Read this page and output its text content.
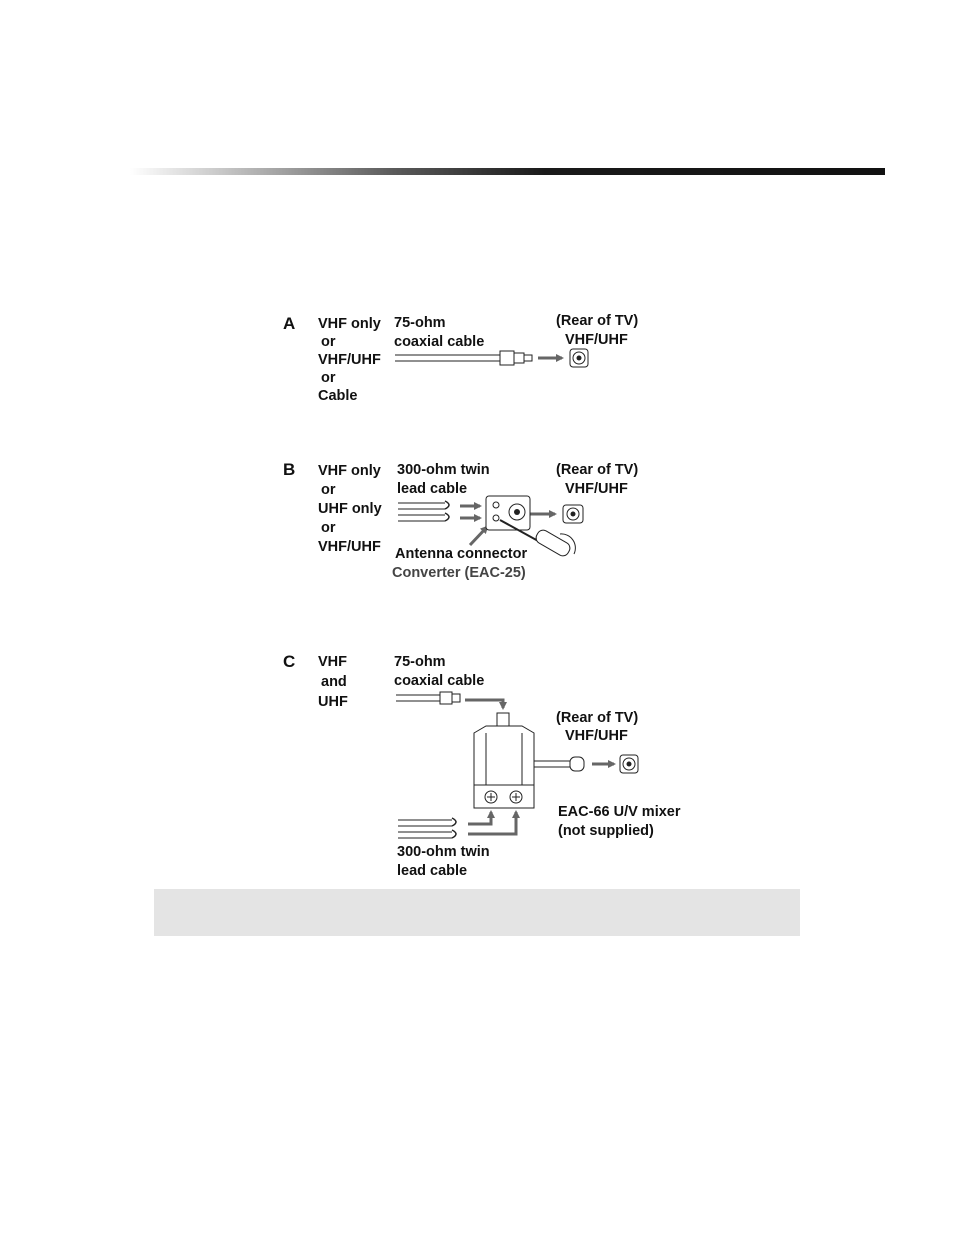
A VHF only
or
VHF/UHF
or
Cable
75-ohm
coaxial cable
(Rear of TV)
VHF/UHF
B VHF only
or
UHF only
or
VHF/UHF
300-ohm twin
lead cable
(Rear of TV)
VHF/UHF
Antenna connector
Converter (EAC-25)
C VHF
and
UHF
75-ohm
coaxial cable
(Rear of TV)
VHF/UHF
EAC-66 U/V mixer
(not supplied)
300-ohm twin
lead cable
